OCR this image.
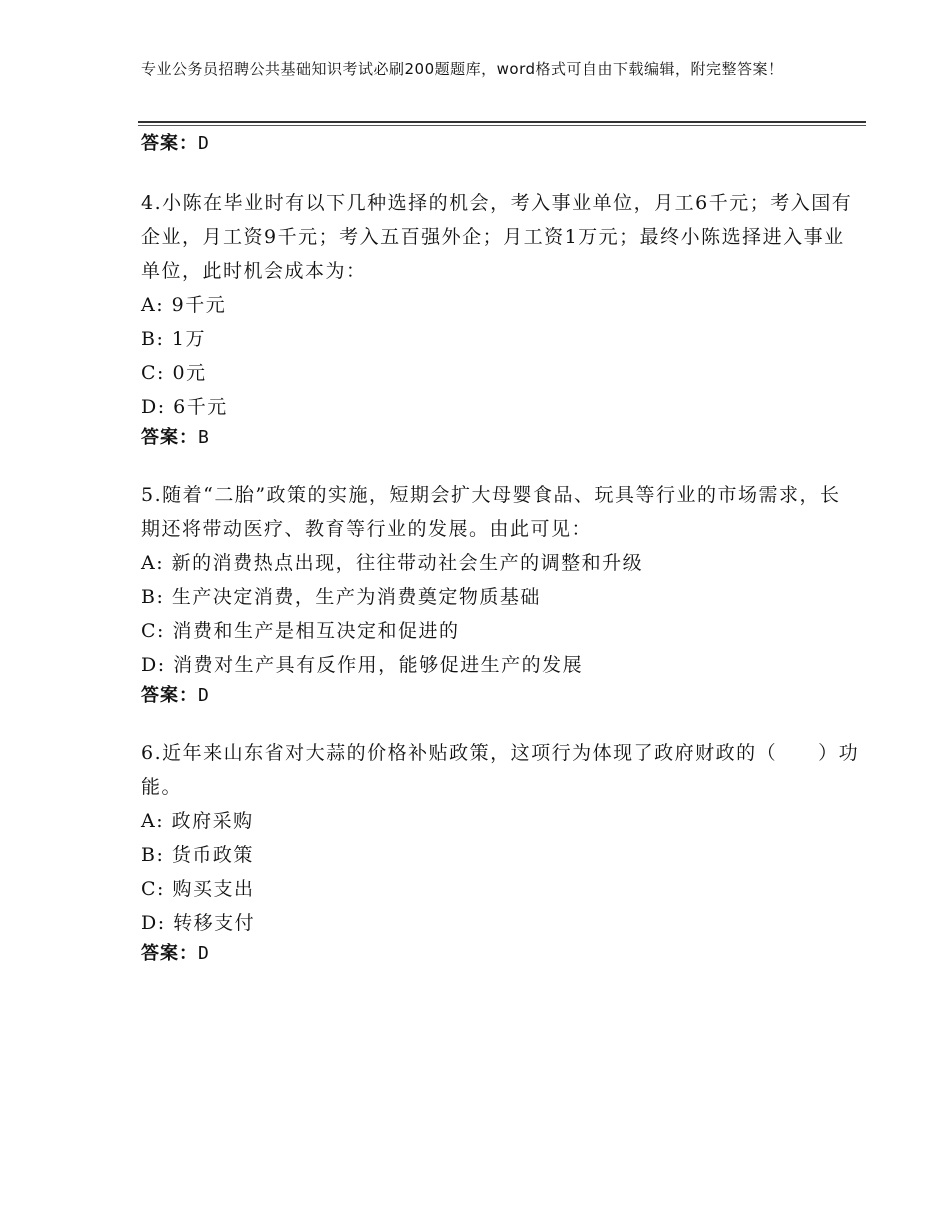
专业公务员招聘公共基础知识考试必刷200题题库，word格式可自由下载编辑，附完整答案！
答案：D
4.小陈在毕业时有以下几种选择的机会，考入事业单位，月工6千元；考入国有企业，月工资9千元；考入五百强外企；月工资1万元；最终小陈选择进入事业单位，此时机会成本为：
A: 9千元
B: 1万
C: 0元
D: 6千元
答案：B
5.随着“二胎”政策的实施，短期会扩大母婴食品、玩具等行业的市场需求，长期还将带动医疗、教育等行业的发展。由此可见：
A: 新的消费热点出现，往往带动社会生产的调整和升级
B: 生产决定消费，生产为消费奠定物质基础
C: 消费和生产是相互决定和促进的
D: 消费对生产具有反作用，能够促进生产的发展
答案：D
6.近年来山东省对大蒜的价格补贴政策，这项行为体现了政府财政的（　　）功能。
A: 政府采购
B: 货币政策
C: 购买支出
D: 转移支付
答案：D
